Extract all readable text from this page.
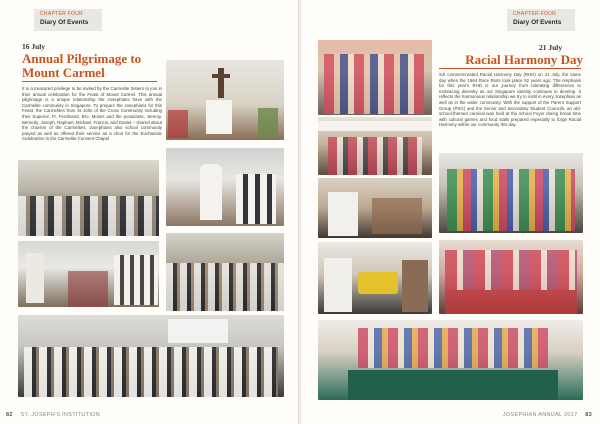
CHAPTER FOUR
Diary Of Events
16 July
Annual Pilgrimage to
Mount Carmel
It is a treasured privilege to be invited by the Carmelite Sisters to join in their annual celebration for the Feast of Mount Carmel. This annual pilgrimage is a unique relationship the Josephians have with the Carmelite community in Singapore. To prepare the Josephians for this Feast, the Carmelites from St John of the Cross Community including their Superior, Fr. Ferdinand, Bro. Moses and the postulants, Jeremy, Bernedy, Joseph, Raphael, Michael, Francis, and Daniel – shared about the charism of the Carmelites. Josephians also school community prayed as well as offered their service as a choir for the Eucharistic Celebration in the Carmelite Convent Chapel.
82 ST. JOSEPH'S INSTITUTION
CHAPTER FOUR
Diary Of Events
21 July
Racial Harmony Day
SJI commemorated Racial Harmony Day (RHD) on 21 July, the same day when the 1964 Race Riots took place 52 years ago. The emphasis for this year's RHD is our journey from tolerating differences to embracing diversity as our Singapore identity continues to develop. It reflects the harmonious relationship we try to instil in every Josephian as well as in the wider community. With the support of the Parent Support Group (PSG) and the Senior and Secondary Student Councils, an old-school-themed carnival was held at the school Foyer during break time with cultural games and food stalls prepared especially to forge Racial Harmony within our community this day.
JOSEPHIAN ANNUAL 2017 83
